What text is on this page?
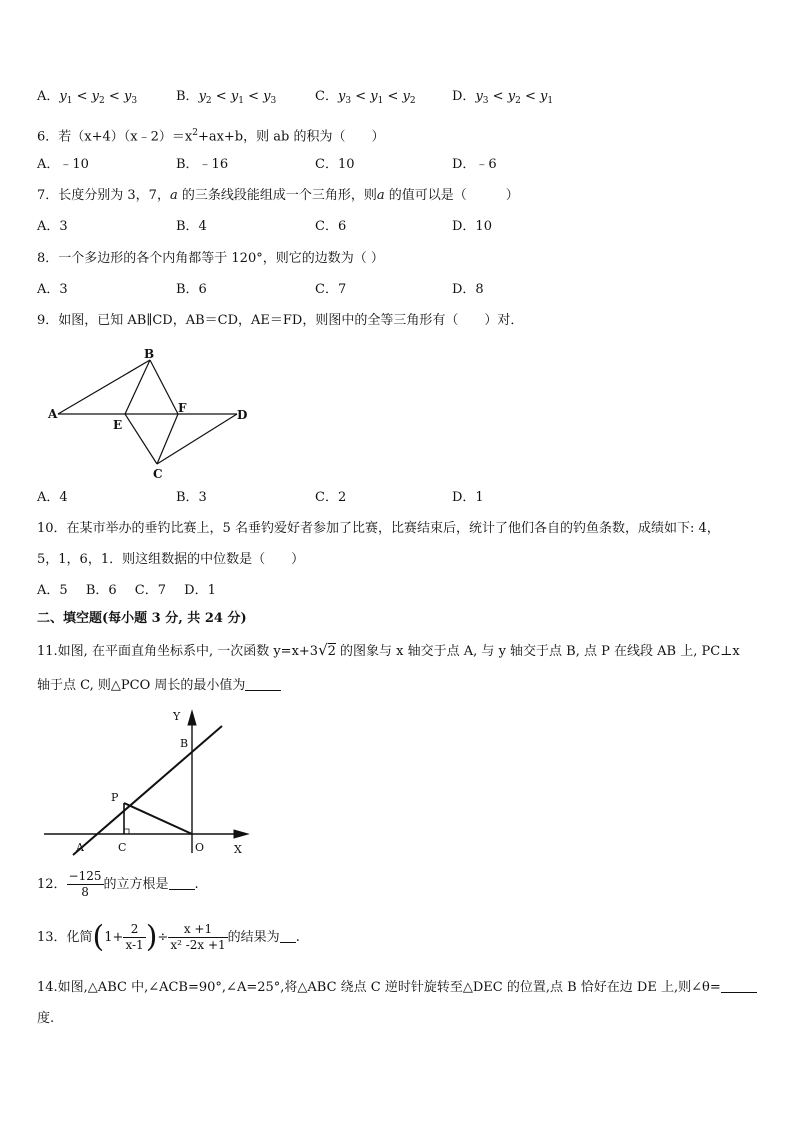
A．$y_1 < y_2 < y_3$	B．$y_2 < y_1 < y_3$	C．$y_3 < y_1 < y_2$	D．$y_3 < y_2 < y_1$
6．若$(x+4)(x﹣2)=x^2+ax+b$，则 ab 的积为（　　）
A．﹣10	B．﹣16	C．10	D．﹣6
7．长度分别为 3，7，a 的三条线段能组成一个三角形，则a 的值可以是（　　　）
A．3	B．4	C．6	D．10
8．一个多边形的各个内角都等于 120°，则它的边数为（ ）
A．3	B．6	C．7	D．8
9．如图，已知 AB∥CD，AB＝CD，AE＝FD，则图中的全等三角形有（　　）对．
B
A
E
F	D
C
A．4	B．3	C．2	D．1
10．在某市举办的垂钓比赛上，5 名垂钓爱好者参加了比赛，比赛结束后，统计了他们各自的钓鱼条数，成绩如下: 4，
5，1，6，1．则这组数据的中位数是（　　）
A．5 B．6 C．7 D．1
二、填空题(每小题 3 分, 共 24 分)
11.如图, 在平面直角坐标系中, 一次函数 y=x+3√2 的图象与 x 轴交于点 A, 与 y 轴交于点 B, 点 P 在线段 AB 上, PC⊥x
轴于点 C, 则△PCO 周长的最小值为
Y
X
B
P
A	C	O
12． $\frac{-125}{8}$ 的立方根是 .
13．化简($1+ \frac{2}{x-1}$ )÷ $\frac{x +1}{\text{x² -2x +1}}$ 的结果为 .
14.如图,△ABC 中,∠ACB=90°,∠A=25°,将△ABC 绕点 C 逆时针旋转至△DEC 的位置,点 B 恰好在边 DE 上,则∠θ=
度.
